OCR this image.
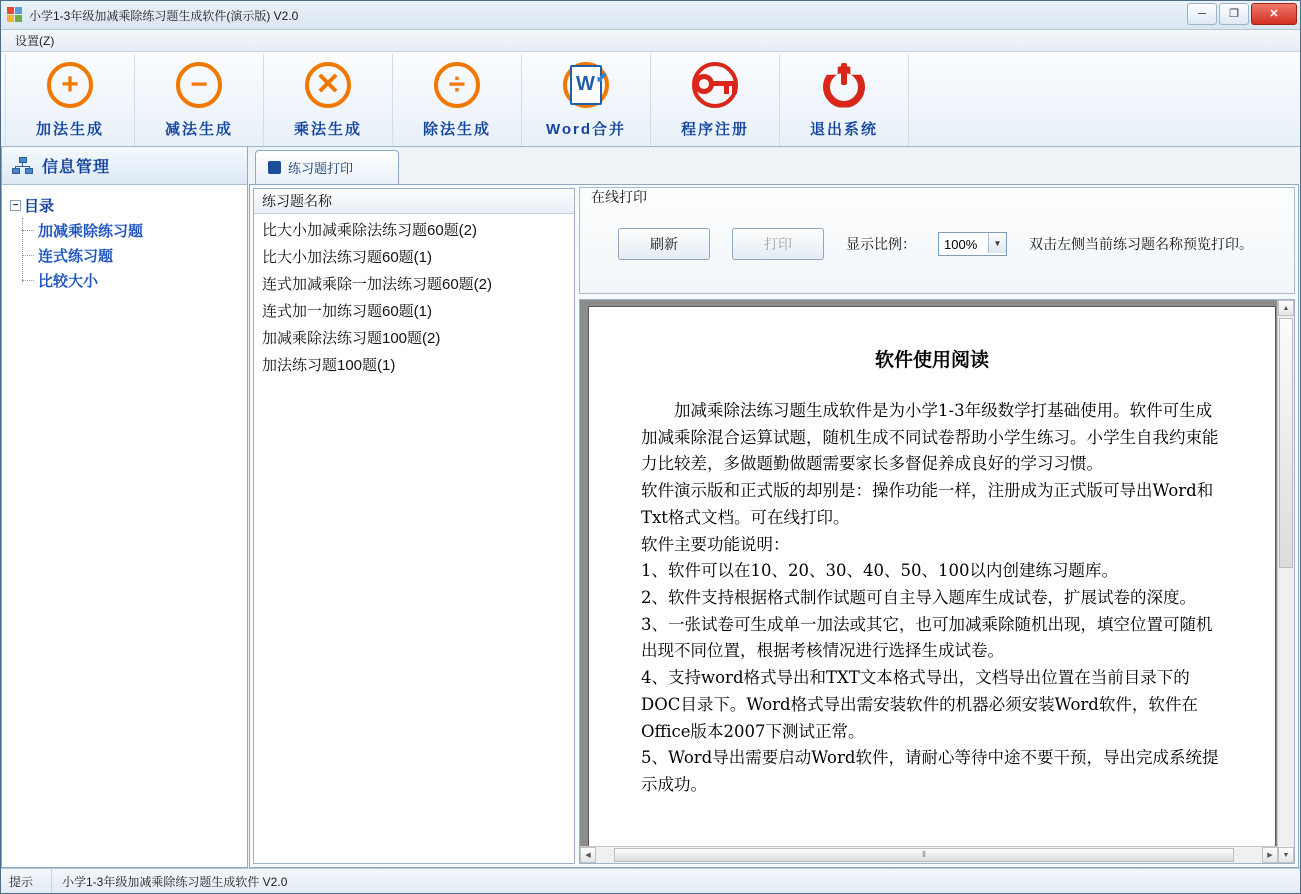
小学1-3年级加减乘除练习题生成软件(演示版) V2.0	─	❐	✕
设置(Z)
+
加法生成
−
减法生成
✕
乘法生成
÷
除法生成
W
⬋
Word合并	程序注册	退出系统
信息管理
− 目录
加减乘除练习题
连式练习题
比较大小
练习题打印
练习题名称
比大小加减乘除法练习题60题(2)
比大小加法练习题60题(1)
连式加减乘除一加法练习题60题(2)
连式加一加练习题60题(1)
加减乘除法练习题100题(2)
加法练习题100题(1)
在线打印
刷新	打印	显示比例： 100%	▼	双击左侧当前练习题名称预览打印。
软件使用阅读
加减乘除法练习题生成软件是为小学1-3年级数学打基础使用。软件可生成加减乘除混合运算试题，随机生成不同试卷帮助小学生练习。小学生自我约束能力比较差，多做题勤做题需要家长多督促养成良好的学习习惯。
软件演示版和正式版的却别是：操作功能一样，注册成为正式版可导出Word和Txt格式文档。可在线打印。
软件主要功能说明：
1、软件可以在10、20、30、40、50、100以内创建练习题库。
2、软件支持根据格式制作试题可自主导入题库生成试卷，扩展试卷的深度。
3、一张试卷可生成单一加法或其它，也可加减乘除随机出现，填空位置可随机出现不同位置，根据考核情况进行选择生成试卷。
4、支持word格式导出和TXT文本格式导出，文档导出位置在当前目录下的DOC目录下。Word格式导出需安装软件的机器必须安装Word软件，软件在Office版本2007下测试正常。
5、Word导出需要启动Word软件，请耐心等待中途不要干预，导出完成系统提示成功。
▲
▼
◀	⦀	▶
提示	小学1-3年级加减乘除练习题生成软件 V2.0
